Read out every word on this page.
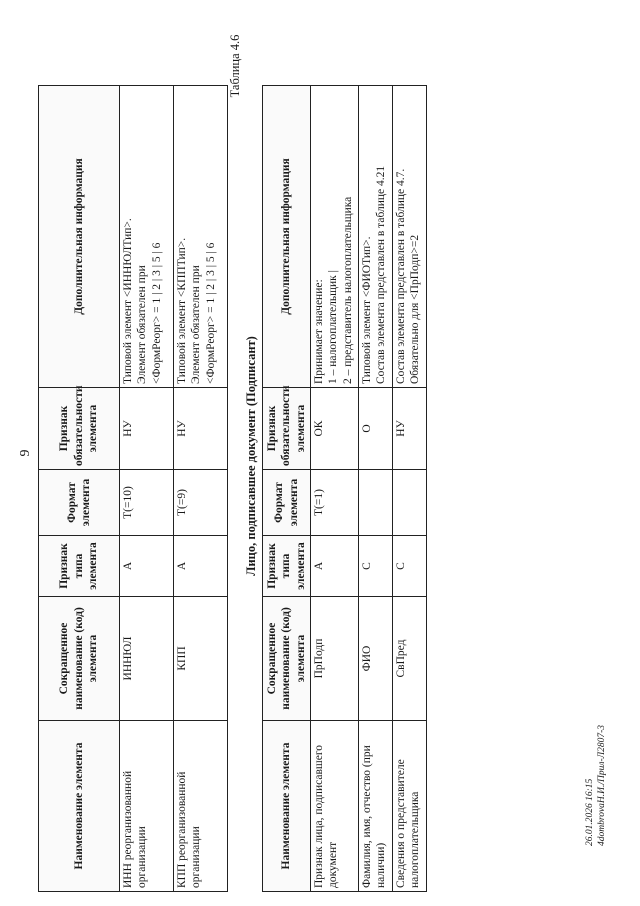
9
Наименование элемента	Сокращенное наименование (код) элемента	Признак типа элемента	Формат элемента	Признак обязательности элемента	Дополнительная информация
ИНН реорганизованной организации	ИННЮЛ	А	T(=10)	НУ	Типовой элемент <ИННЮЛТип>. Элемент обязателен при <ФормРеорг> = 1 | 2 | 3 | 5 | 6

КПП реорганизованной организации	КПП	А	T(=9)	НУ	Типовой элемент <КППТип>. Элемент обязателен при <ФормРеорг> = 1 | 2 | 3 | 5 | 6
Таблица 4.6
Лицо, подписавшее документ (Подписант)
Наименование элемента	Сокращенное наименование (код) элемента	Признак типа элемента	Формат элемента	Признак обязательности элемента	Дополнительная информация
Признак лица, подписавшего документ	ПрПодп	А	T(=1)	ОК	Принимает значение: 1 – налогоплательщик | 2 – представитель налогоплательщика

Фамилия, имя, отчество (при наличии)	ФИО	С		О	Типовой элемент <ФИОТип>. Состав элемента представлен в таблице 4.21

Сведения о представителе налогоплательщика	СвПред	С		НУ	Состав элемента представлен в таблице 4.7. Обязательно для <ПрПодп>=2
26.01.2026 16:15 4dombrovaН.И./Прил-Л2807-3
